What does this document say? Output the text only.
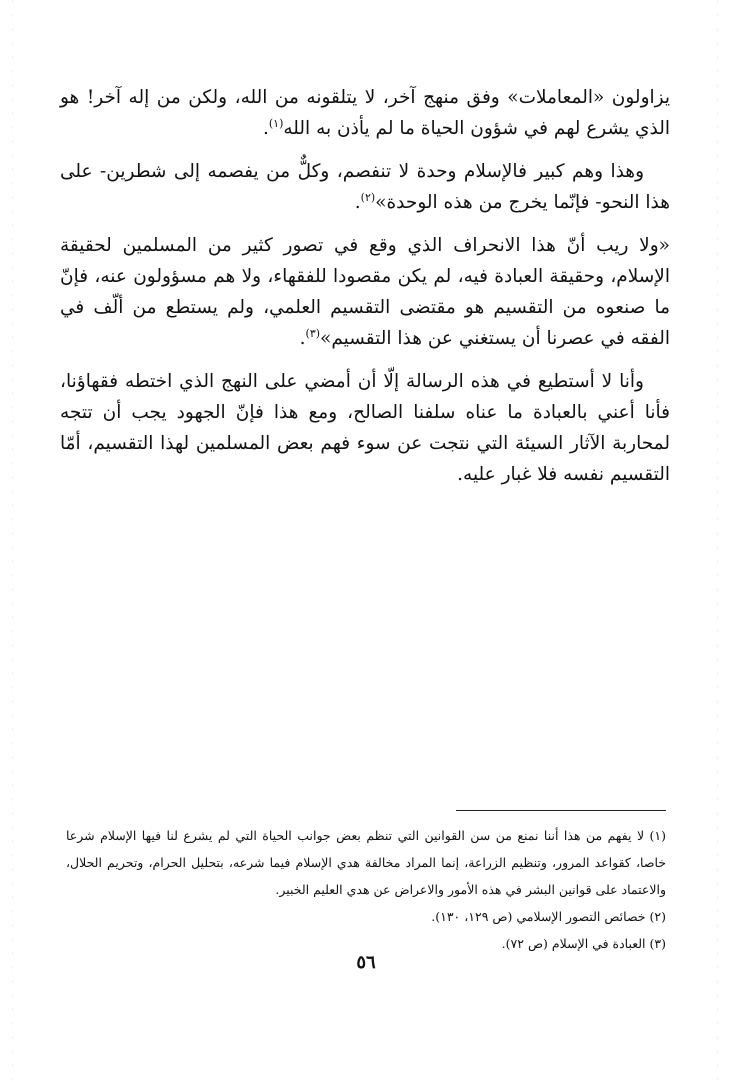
يزاولون «المعاملات» وفق منهج آخر، لا يتلقونه من الله، ولكن من إله آخر! هو الذي يشرع لهم في شؤون الحياة ما لم يأذن به الله$^{(١)}$.

وهذا وهم كبير فالإسلام وحدة لا تنفصم، وكلٌّ من يفصمه إلى شطرين- على هذا النحو- فإنّما يخرج من هذه الوحدة»$^{(٢)}$.

«ولا ريب أنّ هذا الانحراف الذي وقع في تصور كثير من المسلمين لحقيقة الإسلام، وحقيقة العبادة فيه، لم يكن مقصودا للفقهاء، ولا هم مسؤولون عنه، فإنّ ما صنعوه من التقسيم هو مقتضى التقسيم العلمي، ولم يستطع من ألّف في الفقه في عصرنا أن يستغني عن هذا التقسيم»$^{(٣)}$.

وأنا لا أستطيع في هذه الرسالة إلّا أن أمضي على النهج الذي اختطه فقهاؤنا، فأنا أعني بالعبادة ما عناه سلفنا الصالح، ومع هذا فإنّ الجهود يجب أن تتجه لمحاربة الآثار السيئة التي نتجت عن سوء فهم بعض المسلمين لهذا التقسيم، أمّا التقسيم نفسه فلا غبار عليه.

(١) لا يفهم من هذا أننا نمنع من سن القوانين التي تنظم بعض جوانب الحياة التي لم يشرع لنا فيها الإسلام شرعا خاصا، كقواعد المرور، وتنظيم الزراعة، إنما المراد مخالفة هدي الإسلام فيما شرعه، بتحليل الحرام، وتحريم الحلال، والاعتماد على قوانين البشر في هذه الأمور والاعراض عن هدي العليم الخبير.

(٢) خصائص التصور الإسلامي (ص ١٢٩، ١٣٠).

(٣) العبادة في الإسلام (ص ٧٢).

٥٦
